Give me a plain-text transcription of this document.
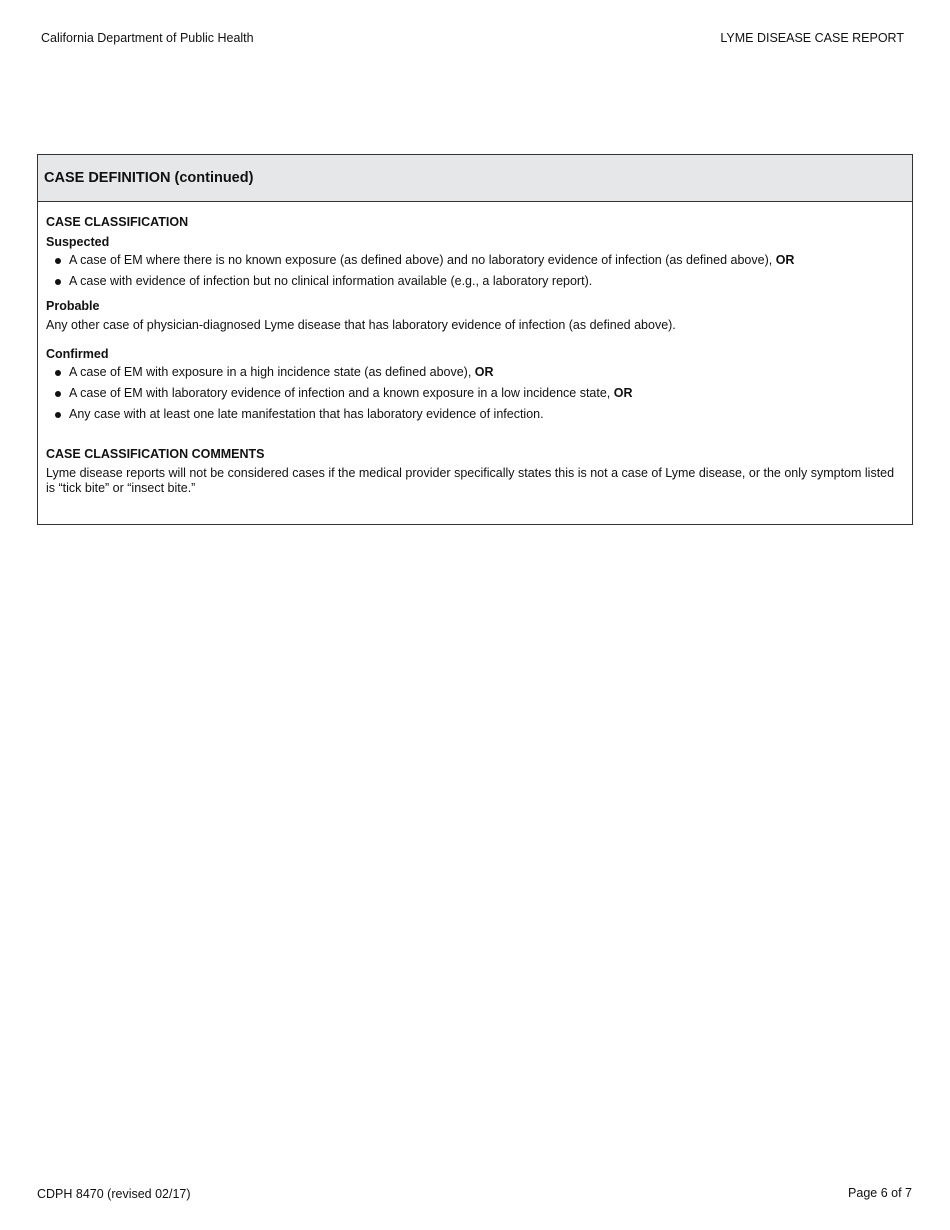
California Department of Public Health	LYME DISEASE CASE REPORT
CASE DEFINITION (continued)
CASE CLASSIFICATION
Suspected
A case of EM where there is no known exposure (as defined above) and no laboratory evidence of infection (as defined above), OR
A case with evidence of infection but no clinical information available (e.g., a laboratory report).
Probable
Any other case of physician-diagnosed Lyme disease that has laboratory evidence of infection (as defined above).
Confirmed
A case of EM with exposure in a high incidence state (as defined above), OR
A case of EM with laboratory evidence of infection and a known exposure in a low incidence state, OR
Any case with at least one late manifestation that has laboratory evidence of infection.
CASE CLASSIFICATION COMMENTS
Lyme disease reports will not be considered cases if the medical provider specifically states this is not a case of Lyme disease, or the only symptom listed is “tick bite” or “insect bite.”
CDPH 8470 (revised 02/17)	Page 6 of 7
